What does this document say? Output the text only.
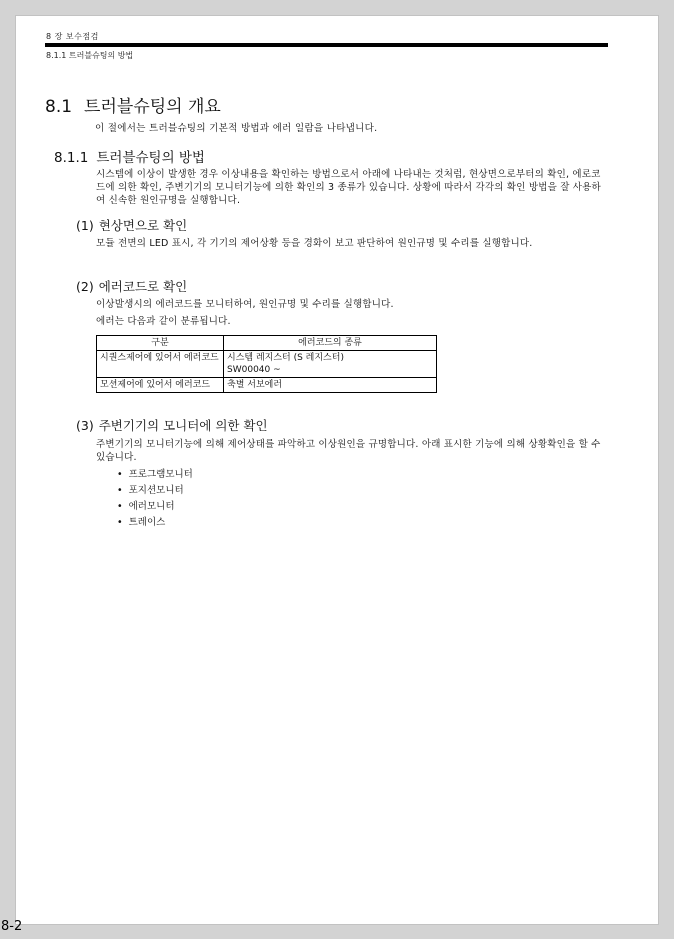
8 장 보수점검
8.1.1 트러블슈팅의 방법
8.1 트러블슈팅의 개요
이 절에서는 트러블슈팅의 기본적 방법과 에러 일람을 나타냅니다.
8.1.1 트러블슈팅의 방법
시스템에 이상이 발생한 경우 이상내용을 확인하는 방법으로서 아래에 나타내는 것처럼, 현상면으로부터의 확인, 에로코드에 의한 확인, 주변기기의 모니터기능에 의한 확인의 3 종류가 있습니다. 상황에 따라서 각각의 확인 방법을 잘 사용하여 신속한 원인규명을 실행합니다.
(1) 현상면으로 확인
모듈 전면의 LED 표시, 각 기기의 제어상황 등을 경화이 보고 판단하여 원인규명 및 수리를 실행합니다.
(2) 에러코드로 확인
이상발생시의 에러코드를 모니터하여, 원인규명 및 수리를 실행합니다.
에러는 다음과 같이 분류됩니다.
구분	에러코드의 종류
시퀀스제어에 있어서 에러코드	시스템 레지스터 (S 레지스터)
SW00040 ~

모션제어에 있어서 에러코드	축별 서보에러
(3) 주변기기의 모니터에 의한 확인
주변기기의 모니터기능에 의해 제어상태를 파악하고 이상원인을 규명합니다. 아래 표시한 기능에 의해 상황확인을 할 수 있습니다.
• 프로그램모니터
• 포지션모니터
• 에러모니터
• 트레이스
8-2
